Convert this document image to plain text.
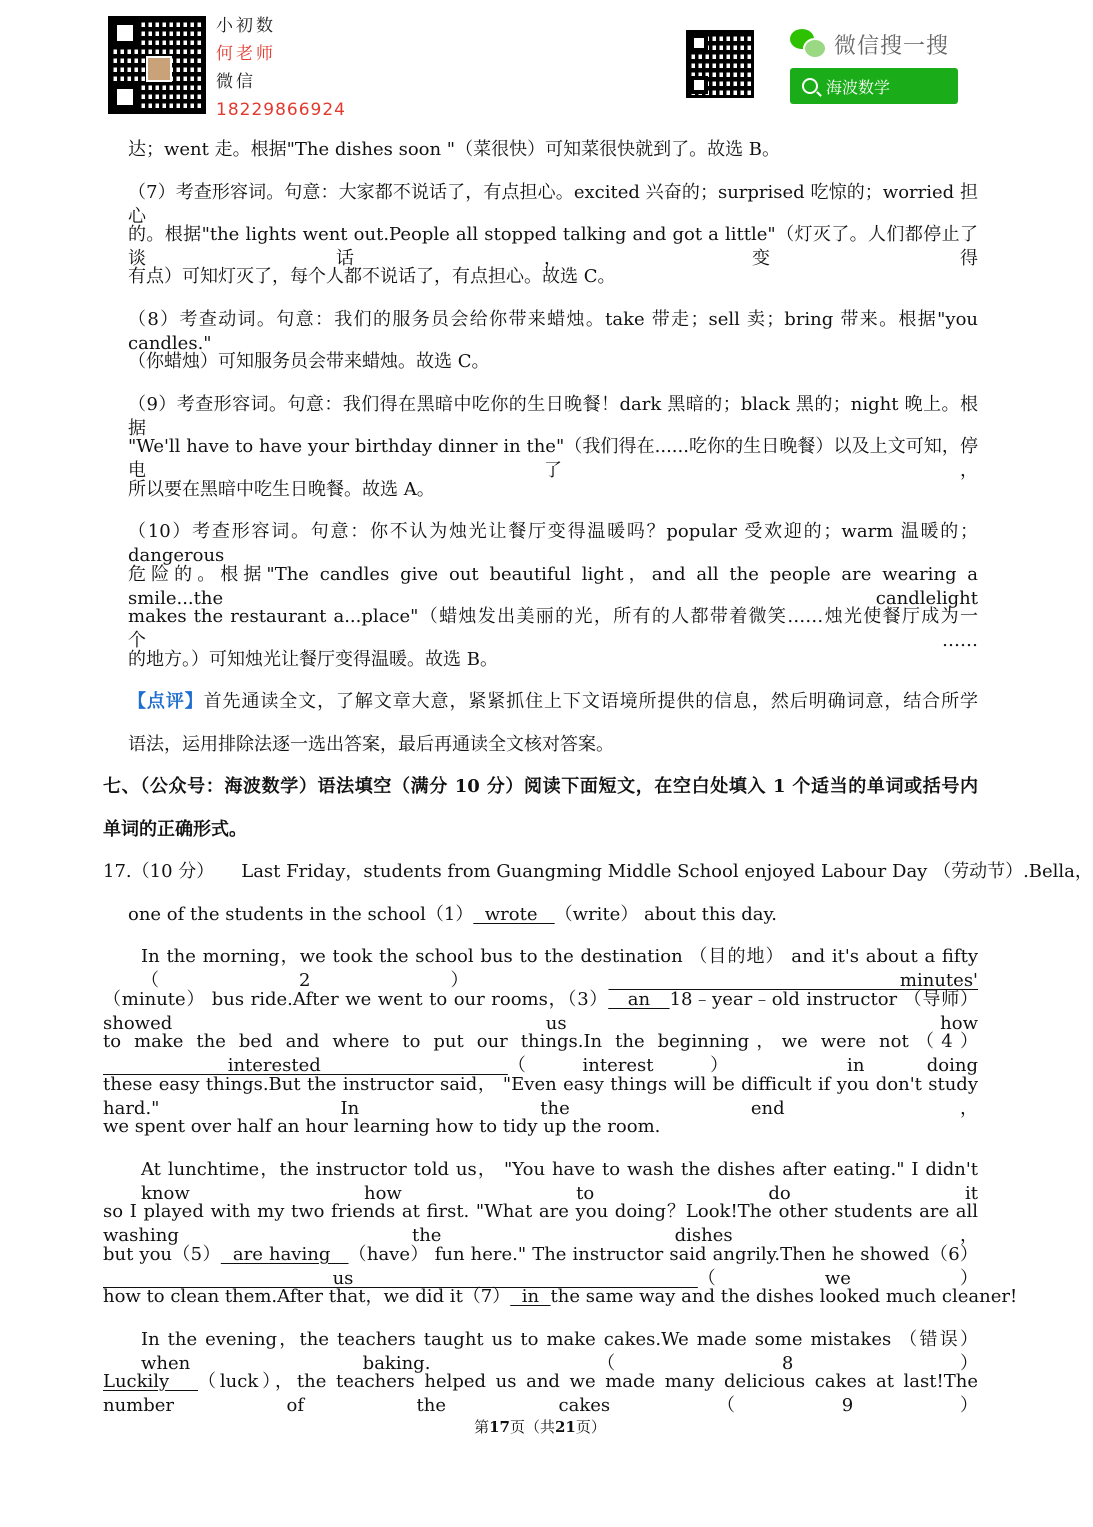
小初数
何老师
微信
18229866924
微信搜一搜
海波数学
达；went 走。根据"The dishes soon "（菜很快）可知菜很快就到了。故选 B。
（7）考查形容词。句意：大家都不说话了，有点担心。excited 兴奋的；surprised 吃惊的；worried 担心
的。根据"the lights went out.People all stopped talking and got a little"（灯灭了。人们都停止了谈话，变得
有点）可知灯灭了，每个人都不说话了，有点担心。故选 C。
（8）考查动词。句意：我们的服务员会给你带来蜡烛。take 带走；sell 卖；bring 带来。根据"you candles."
（你蜡烛）可知服务员会带来蜡烛。故选 C。
（9）考查形容词。句意：我们得在黑暗中吃你的生日晚餐！dark 黑暗的；black 黑的；night 晚上。根据
"We'll have to have your birthday dinner in the"（我们得在......吃你的生日晚餐）以及上文可知，停电了，
所以要在黑暗中吃生日晚餐。故选 A。
（10）考查形容词。句意：你不认为烛光让餐厅变得温暖吗？popular 受欢迎的；warm 温暖的；dangerous
危险的。根据"The candles give out beautiful light，and all the people are wearing a smile...the candlelight
makes the restaurant a...place"（蜡烛发出美丽的光，所有的人都带着微笑……烛光使餐厅成为一个……
的地方。）可知烛光让餐厅变得温暖。故选 B。
【点评】首先通读全文，了解文章大意，紧紧抓住上下文语境所提供的信息，然后明确词意，结合所学
语法，运用排除法逐一选出答案，最后再通读全文核对答案。
七、（公众号：海波数学）语法填空（满分 10 分）阅读下面短文，在空白处填入 1 个适当的单词或括号内
单词的正确形式。
17.（10 分）　　Last Friday，students from Guangming Middle School enjoyed Labour Day （劳动节）.Bella，
one of the students in the school（1）  wrote   （write） about this day.
In the morning，we took the school bus to the destination （目的地） and it's about a fifty（2）  minutes'
（minute） bus ride.After we went to our rooms，（3）   an   18﹣year﹣old instructor （导师） showed us how
to make the bed and where to put our things.In the beginning，we were not（4）  interested   （interest） in doing
these easy things.But the instructor said， "Even easy things will be difficult if you don't study hard." In the end，
we spent over half an hour learning how to tidy up the room.
At lunchtime，the instructor told us， "You have to wash the dishes after eating." I didn't know how to do it
so I played with my two friends at first. "What are you doing？Look!The other students are all washing the dishes，
but you（5）  are having   （have） fun here." The instructor said angrily.Then he showed（6）  us   （we）
how to clean them.After that，we did it（7）  in  the same way and the dishes looked much cleaner!
In the evening，the teachers taught us to make cakes.We made some mistakes （错误） when baking.（8）
Luckily   （luck），the teachers helped us and we made many delicious cakes at last!The number of the cakes（9）
第17页（共21页）
